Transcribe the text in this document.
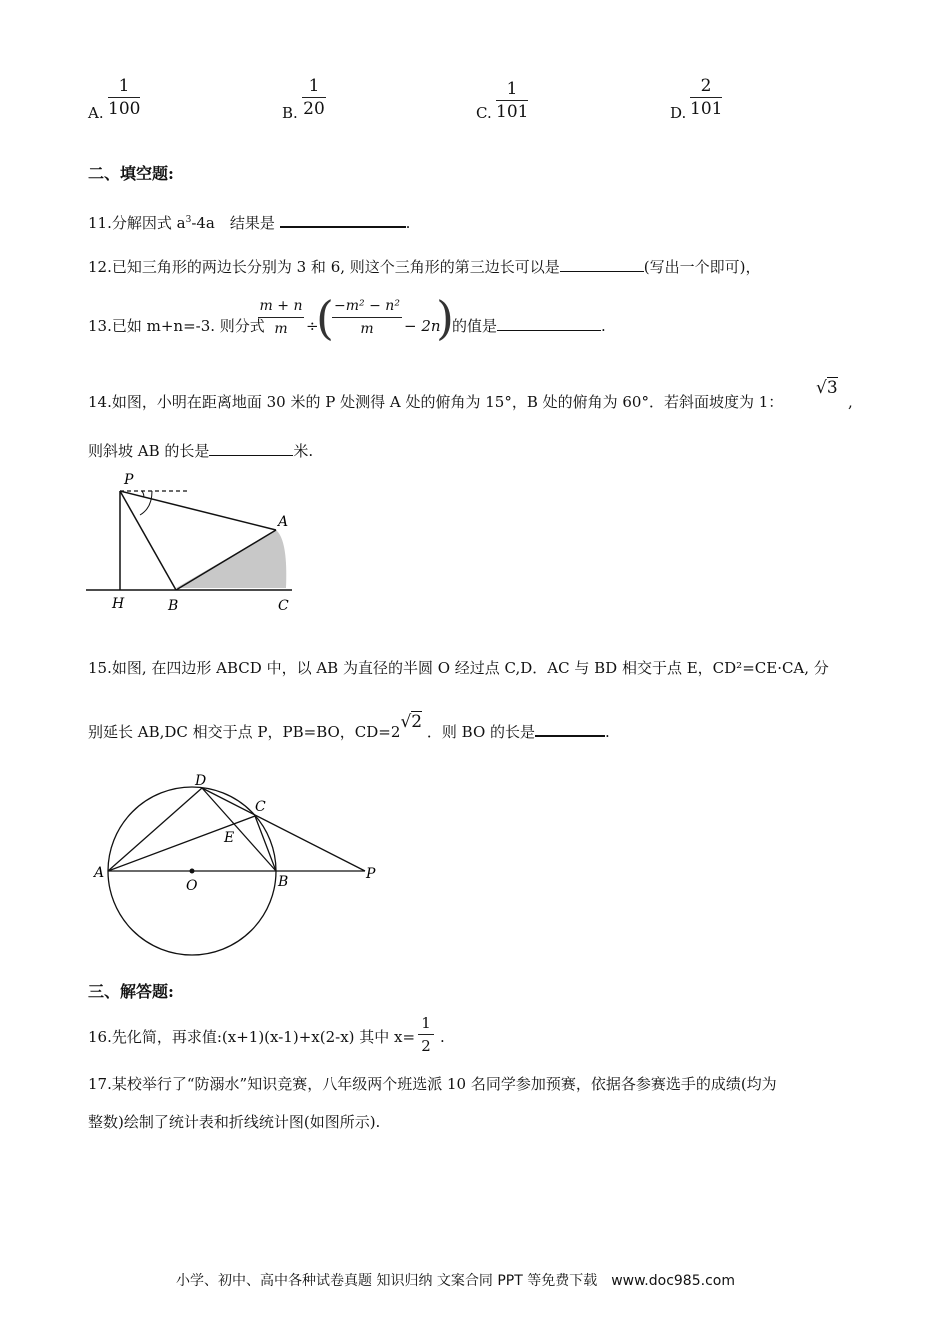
A.
1
100	B.
1
20	C.
1
101	D.
2
101
二、填空题:
11.分解因式 $a^3-4a$　结果是	.
12.已知三角形的两边长分别为 3 和 6, 则这个三角形的第三边长可以是	(写出一个即可)，
13.已如 m+n=-3. 则分式
m + n
m	÷
( −m² − n²
m	− 2n
)
的值是	.
14.如图，小明在距离地面 30 米的 P 处测得 A 处的俯角为 15°，B 处的俯角为 60°．若斜面坡度为 1：
√3
,
则斜坡 AB 的长是	米.
P
A
B	C
H
15.如图, 在四边形 ABCD 中，以 AB 为直径的半圆 O 经过点 C,D．AC 与 BD 相交于点 E，CD²=CE·CA, 分
别延长 AB,DC 相交于点 P，PB=BO，CD=2√2 ．则 BO 的长是	.
D
C
E
A
O	B	P
三、解答题:
16.先化简，再求值:(x+1)(x-1)+x(2-x) 其中 x=
1
2 .
17.某校举行了“防溺水”知识竞赛，八年级两个班选派 10 名同学参加预赛，依据各参赛选手的成绩(均为
整数)绘制了统计表和折线统计图(如图所示).
小学、初中、高中各种试卷真题 知识归纳 文案合同 PPT 等免费下载　www.doc985.com
